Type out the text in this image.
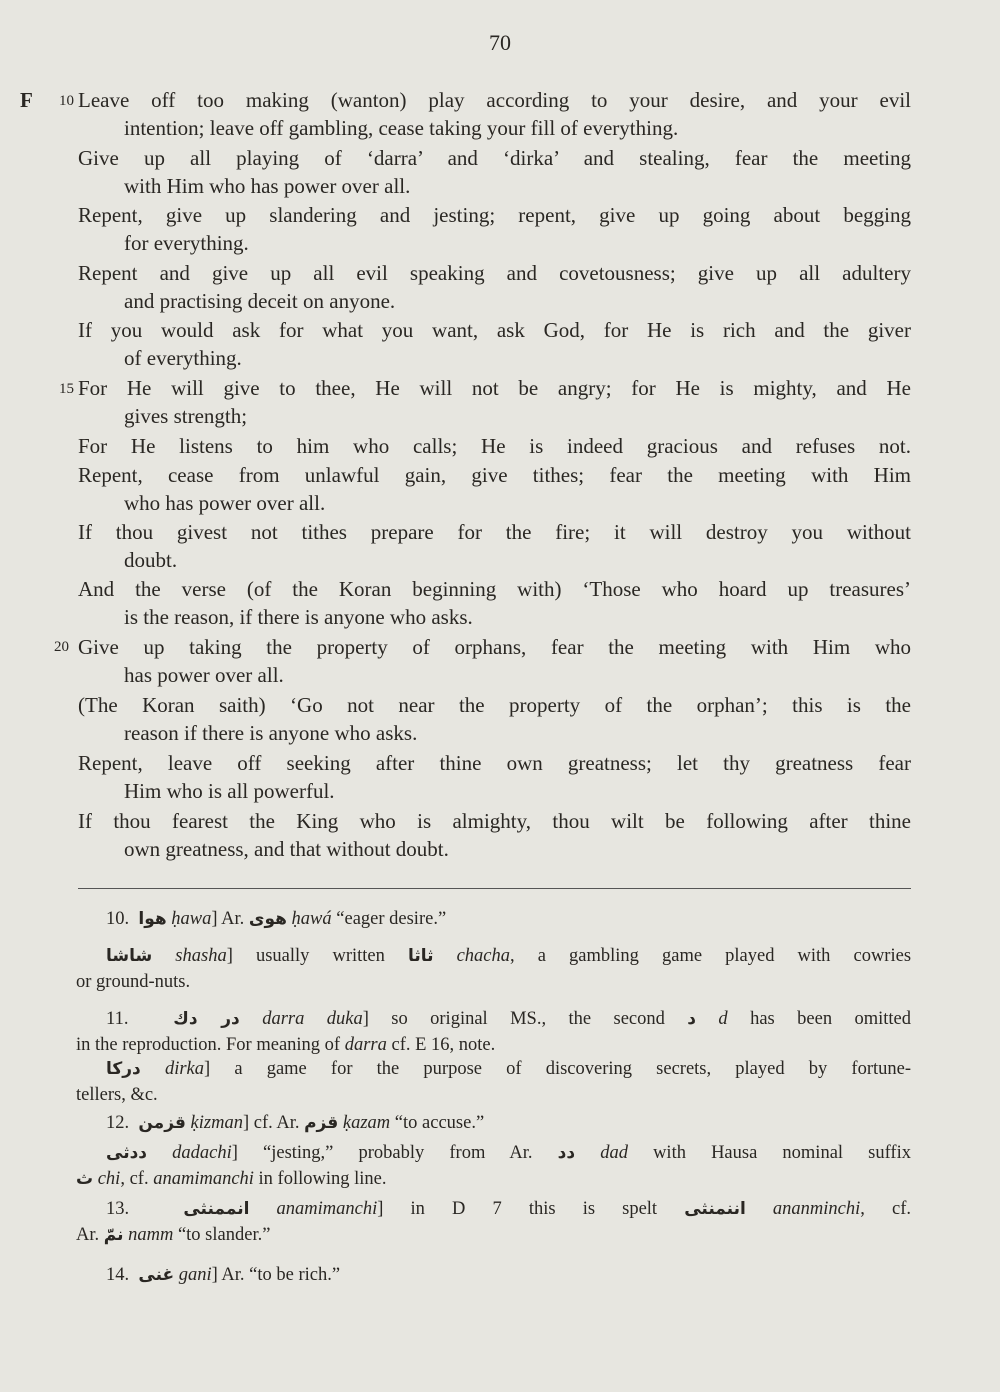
70
F	10
15
20
Leave off too making (wanton) play according to your desire, and your evil
intention; leave off gambling, cease taking your fill of everything.
Give up all playing of ‘darra’ and ‘dirka’ and stealing, fear the meeting
with Him who has power over all.
Repent, give up slandering and jesting; repent, give up going about begging
for everything.
Repent and give up all evil speaking and covetousness; give up all adultery
and practising deceit on anyone.
If you would ask for what you want, ask God, for He is rich and the giver
of everything.
For He will give to thee, He will not be angry; for He is mighty, and He
gives strength;
For He listens to him who calls; He is indeed gracious and refuses not.
Repent, cease from unlawful gain, give tithes; fear the meeting with Him
who has power over all.
If thou givest not tithes prepare for the fire; it will destroy you without
doubt.
And the verse (of the Koran beginning with) ‘Those who hoard up treasures’
is the reason, if there is anyone who asks.
Give up taking the property of orphans, fear the meeting with Him who
has power over all.
(The Koran saith) ‘Go not near the property of the orphan’; this is the
reason if there is anyone who asks.
Repent, leave off seeking after thine own greatness; let thy greatness fear
Him who is all powerful.
If thou fearest the King who is almighty, thou wilt be following after thine
own greatness, and that without doubt.
10. هوا ḥawa] Ar. هوى ḥawá “eager desire.”
شاشا shasha] usually written ثاثا chacha, a gambling game played with cowries
or ground-nuts.
11.	در دك darra duka] so original MS., the second د d has been omitted
in the reproduction. For meaning of darra cf. E 16, note.
دركا dirka] a game for the purpose of discovering secrets, played by fortune-
tellers, &c.
12. قزمن ḳizman] cf. Ar. قزم ḳazam “to accuse.”
ددثى dadachi] “jesting,” probably from Ar. دد dad with Hausa nominal suffix
ث chi, cf. anamimanchi in following line.
13.	انممنثى anamimanchi] in D 7 this is spelt اننمنثى ananminchi, cf.
Ar. نمّ namm “to slander.”
14. غنى gani] Ar. “to be rich.”
